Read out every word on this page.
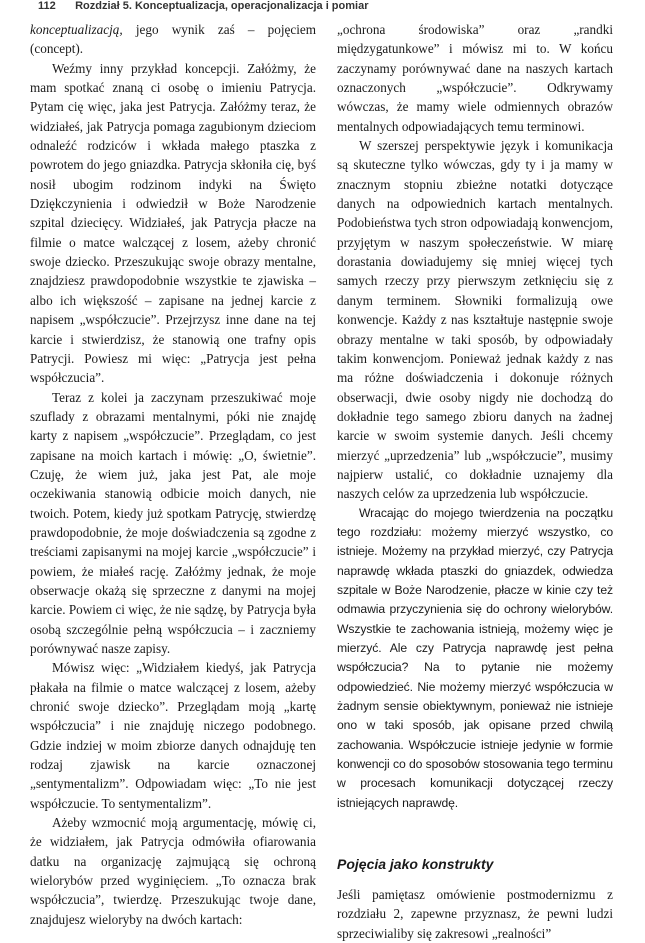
112 Rozdział 5. Konceptualizacja, operacjonalizacja i pomiar

konceptualizacją, jego wynik zaś – pojęciem (concept).

Weźmy inny przykład koncepcji. Załóżmy, że mam spotkać znaną ci osobę o imieniu Patrycja. Pytam cię więc, jaka jest Patrycja. Załóżmy teraz, że widziałeś, jak Patrycja pomaga zagubionym dzieciom odnaleźć rodziców i wkłada małego ptaszka z powrotem do jego gniazdka. Patrycja skłoniła cię, byś nosił ubogim rodzinom indyki na Święto Dziękczynienia i odwiedził w Boże Narodzenie szpital dziecięcy. Widziałeś, jak Patrycja płacze na filmie o matce walczącej z losem, ażeby chronić swoje dziecko. Przeszukując swoje obrazy mentalne, znajdziesz prawdopodobnie wszystkie te zjawiska – albo ich większość – zapisane na jednej karcie z napisem „współczucie”. Przejrzysz inne dane na tej karcie i stwierdzisz, że stanowią one trafny opis Patrycji. Powiesz mi więc: „Patrycja jest pełna współczucia”.

Teraz z kolei ja zaczynam przeszukiwać moje szuflady z obrazami mentalnymi, póki nie znajdę karty z napisem „współczucie”. Przeglądam, co jest zapisane na moich kartach i mówię: „O, świetnie”. Czuję, że wiem już, jaka jest Pat, ale moje oczekiwania stanowią odbicie moich danych, nie twoich. Potem, kiedy już spotkam Patrycję, stwierdzę prawdopodobnie, że moje doświadczenia są zgodne z treściami zapisanymi na mojej karcie „współczucie” i powiem, że miałeś rację. Załóżmy jednak, że moje obserwacje okażą się sprzeczne z danymi na mojej karcie. Powiem ci więc, że nie sądzę, by Patrycja była osobą szczególnie pełną współczucia – i zaczniemy porównywać nasze zapisy.

Mówisz więc: „Widziałem kiedyś, jak Patrycja płakała na filmie o matce walczącej z losem, ażeby chronić swoje dziecko”. Przeglądam moją „kartę współczucia” i nie znajduję niczego podobnego. Gdzie indziej w moim zbiorze danych odnajduję ten rodzaj zjawisk na karcie oznaczonej „sentymentalizm”. Odpowiadam więc: „To nie jest współczucie. To sentymentalizm”.

Ażeby wzmocnić moją argumentację, mówię ci, że widziałem, jak Patrycja odmówiła ofiarowania datku na organizację zajmującą się ochroną wielorybów przed wyginięciem. „To oznacza brak współczucia”, twierdzę. Przeszukując twoje dane, znajdujesz wieloryby na dwóch kartach:

„ochrona środowiska” oraz „randki międzygatunkowe” i mówisz mi to. W końcu zaczynamy porównywać dane na naszych kartach oznaczonych „współczucie”. Odkrywamy wówczas, że mamy wiele odmiennych obrazów mentalnych odpowiadających temu terminowi.

W szerszej perspektywie język i komunikacja są skuteczne tylko wówczas, gdy ty i ja mamy w znacznym stopniu zbieżne notatki dotyczące danych na odpowiednich kartach mentalnych. Podobieństwa tych stron odpowiadają konwencjom, przyjętym w naszym społeczeństwie. W miarę dorastania dowiadujemy się mniej więcej tych samych rzeczy przy pierwszym zetknięciu się z danym terminem. Słowniki formalizują owe konwencje. Każdy z nas kształtuje następnie swoje obrazy mentalne w taki sposób, by odpowiadały takim konwencjom. Ponieważ jednak każdy z nas ma różne doświadczenia i dokonuje różnych obserwacji, dwie osoby nigdy nie dochodzą do dokładnie tego samego zbioru danych na żadnej karcie w swoim systemie danych. Jeśli chcemy mierzyć „uprzedzenia” lub „współczucie”, musimy najpierw ustalić, co dokładnie uznajemy dla naszych celów za uprzedzenia lub współczucie.

Wracając do mojego twierdzenia na początku tego rozdziału: możemy mierzyć wszystko, co istnieje. Możemy na przykład mierzyć, czy Patrycja naprawdę wkłada ptaszki do gniazdek, odwiedza szpitale w Boże Narodzenie, płacze w kinie czy też odmawia przyczynienia się do ochrony wielorybów. Wszystkie te zachowania istnieją, możemy więc je mierzyć. Ale czy Patrycja naprawdę jest pełna współczucia? Na to pytanie nie możemy odpowiedzieć. Nie możemy mierzyć współczucia w żadnym sensie obiektywnym, ponieważ nie istnieje ono w taki sposób, jak opisane przed chwilą zachowania. Współczucie istnieje jedynie w formie konwencji co do sposobów stosowania tego terminu w procesach komunikacji dotyczącej rzeczy istniejących naprawdę.

Pojęcia jako konstrukty

Jeśli pamiętasz omówienie postmodernizmu z rozdziału 2, zapewne przyznasz, że pewni ludzi sprzeciwialiby się zakresowi „realności”
